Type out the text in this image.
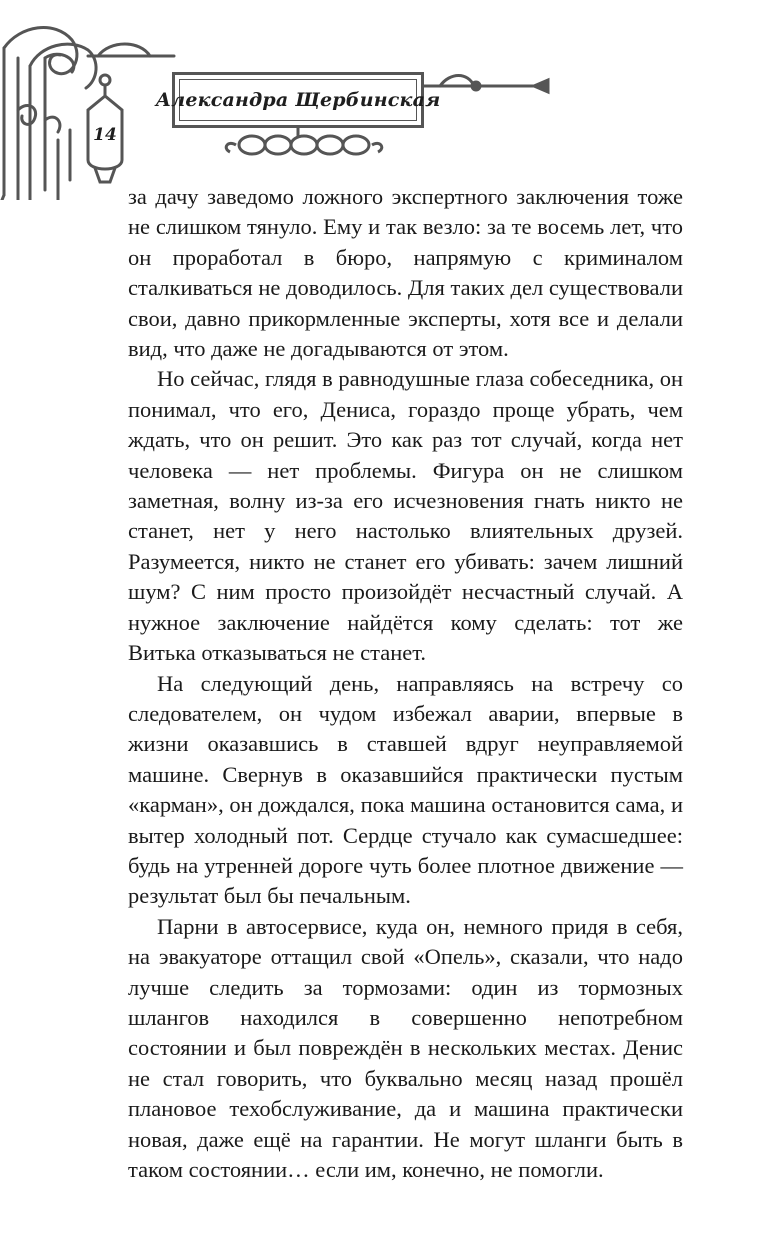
Александра Щербинская
14

за дачу заведомо ложного экспертного заключения тоже не слишком тянуло. Ему и так везло: за те восемь лет, что он проработал в бюро, напрямую с криминалом сталкиваться не доводилось. Для таких дел существовали свои, давно прикормленные эксперты, хотя все и делали вид, что даже не догадываются от этом.

Но сейчас, глядя в равнодушные глаза собеседника, он понимал, что его, Дениса, гораздо проще убрать, чем ждать, что он решит. Это как раз тот случай, когда нет человека — нет проблемы. Фигура он не слишком заметная, волну из-за его исчезновения гнать никто не станет, нет у него настолько влиятельных друзей. Разумеется, никто не станет его убивать: зачем лишний шум? С ним просто произойдёт несчастный случай. А нужное заключение найдётся кому сделать: тот же Витька отказываться не станет.

На следующий день, направляясь на встречу со следователем, он чудом избежал аварии, впервые в жизни оказавшись в ставшей вдруг неуправляемой машине. Свернув в оказавшийся практически пустым «карман», он дождался, пока машина остановится сама, и вытер холодный пот. Сердце стучало как сумасшедшее: будь на утренней дороге чуть более плотное движение — результат был бы печальным.

Парни в автосервисе, куда он, немного придя в себя, на эвакуаторе оттащил свой «Опель», сказали, что надо лучше следить за тормозами: один из тормозных шлангов находился в совершенно непотребном состоянии и был повреждён в нескольких местах. Денис не стал говорить, что буквально месяц назад прошёл плановое техобслуживание, да и машина практически новая, даже ещё на гарантии. Не могут шланги быть в таком состоянии… если им, конечно, не помогли.
